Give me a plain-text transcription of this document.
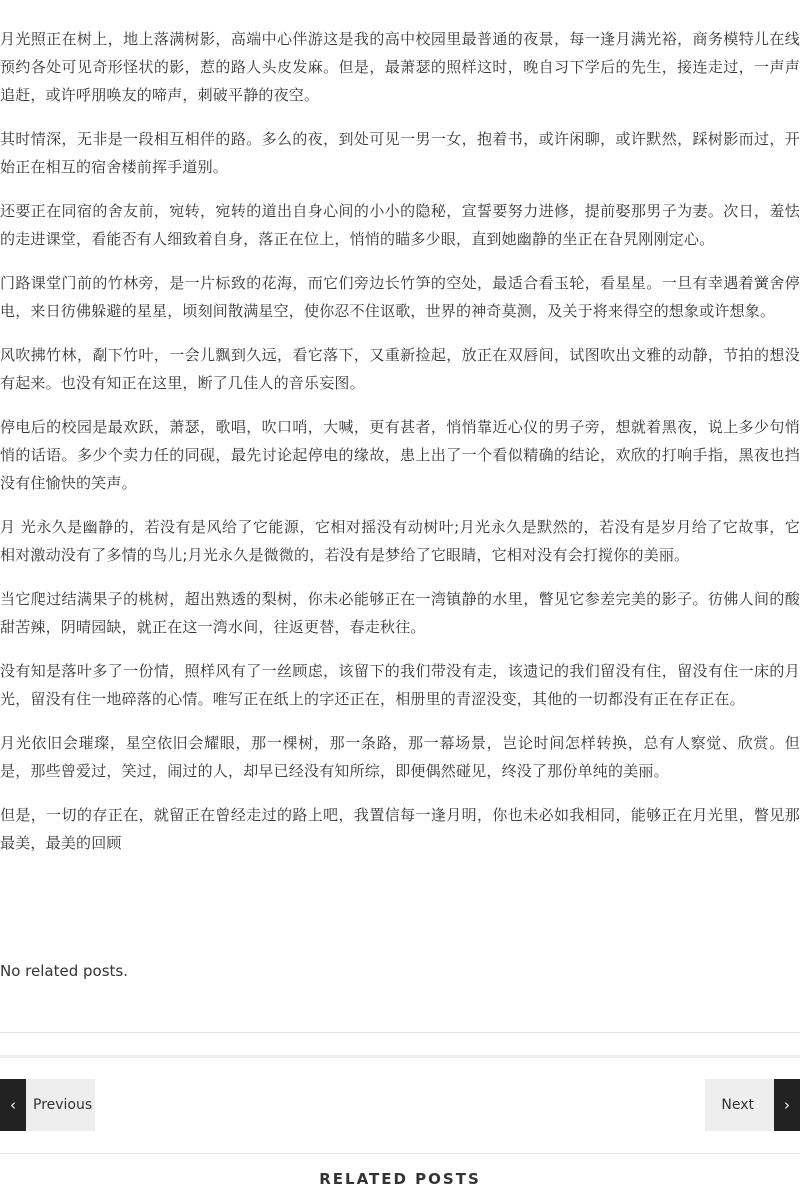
月光照正在树上，地上落满树影，高端中心伴游这是我的高中校园里最普通的夜景，每一逢月满光裕，商务模特儿在线预约各处可见奇形怪状的影，惹的路人头皮发麻。但是，最萧瑟的照样这时，晚自习下学后的先生，接连走过，一声声追赶，或许呼朋唤友的啼声，刺破平静的夜空。

其时情深，无非是一段相互相伴的路。多么的夜，到处可见一男一女，抱着书，或许闲聊，或许默然，踩树影而过，开始正在相互的宿舍楼前挥手道别。

还要正在同宿的舍友前，宛转，宛转的道出自身心间的小小的隐秘，宣誓要努力进修，提前娶那男子为妻。次日，羞怯的走进课堂，看能否有人细致着自身，落正在位上，悄悄的瞄多少眼，直到她幽静的坐正在旮旯刚刚定心。

门路课堂门前的竹林旁，是一片标致的花海，而它们旁边长竹笋的空处，最适合看玉轮，看星星。一旦有幸遇着黉舍停电，来日彷佛躲避的星星，顷刻间散满星空，使你忍不住讴歌，世界的神奇莫测，及关于将来得空的想象或许想象。

风吹拂竹林，劀下竹叶，一会儿飘到久远，看它落下，又重新捡起，放正在双唇间，试图吹出文雅的动静，节拍的想没有起来。也没有知正在这里，断了几佳人的音乐妄图。

停电后的校园是最欢跃，萧瑟，歌唱，吹口哨，大喊，更有甚者，悄悄靠近心仪的男子旁，想就着黑夜，说上多少句悄悄的话语。多少个卖力任的同砚，最先讨论起停电的缘故，患上出了一个看似精确的结论，欢欣的打响手指，黑夜也挡没有住愉快的笑声。

月 光永久是幽静的，若没有是风给了它能源，它相对摇没有动树叶;月光永久是默然的，若没有是岁月给了它故事，它相对激动没有了多情的鸟儿;月光永久是微微的，若没有是梦给了它眼睛，它相对没有会打搅你的美丽。

当它爬过结满果子的桃树，超出熟透的梨树，你未必能够正在一湾镇静的水里，瞥见它参差完美的影子。彷佛人间的酸甜苦辣，阴晴园缺，就正在这一湾水间，往返更替，春走秋往。

没有知是落叶多了一份情，照样风有了一丝顾虑，该留下的我们带没有走，该遗记的我们留没有住，留没有住一床的月光，留没有住一地碎落的心情。唯写正在纸上的字还正在，相册里的青涩没变，其他的一切都没有正在存正在。

月光依旧会璀璨，星空依旧会耀眼，那一棵树，那一条路，那一幕场景，岂论时间怎样转换，总有人察觉、欣赏。但是，那些曾爱过，笑过，闹过的人，却早已经没有知所综，即便偶然碰见，终没了那份单纯的美丽。

但是，一切的存正在，就留正在曾经走过的路上吧，我置信每一逢月明，你也未必如我相同，能够正在月光里，瞥见那最美，最美的回顾

No related posts.

‹	Previous	Next	›
RELATED POSTS
